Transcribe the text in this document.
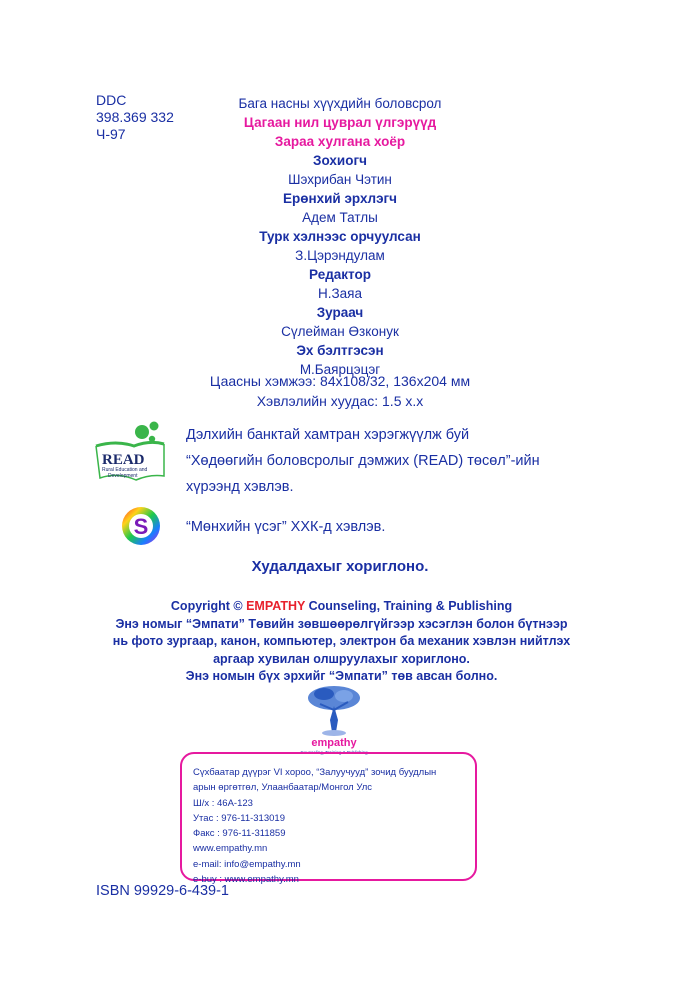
DDC
398.369 332
Ч-97
Бага насны хүүхдийн боловсрол
Цагаан нил цуврал үлгэрүүд
Зараа хулгана хоёр
Зохиогч
Шэхрибан Чэтин
Ерөнхий эрхлэгч
Адем Татлы
Турк хэлнээс орчуулсан
З.Цэрэндулам
Редактор
Н.Заяа
Зураач
Сүлейман Өзконук
Эх бэлтгэсэн
М.Баярцэцэг
Цаасны хэмжээ: 84х108/32, 136х204 мм
Хэвлэлийн хуудас: 1.5 х.х
READ
Rural Education and
Development
Дэлхийн банктай хамтран хэрэгжүүлж буй
“Хөдөөгийн боловсролыг дэмжих (READ) төсөл”-ийн
хүрээнд хэвлэв.
S	“Мөнхийн үсэг” ХХК-д хэвлэв.
Худалдахыг хориглоно.
Copyright © EMPATHY Counseling, Training & Publishing
Энэ номыг “Эмпати” Төвийн зөвшөөрөлгүйгээр хэсэглэн болон бүтнээр
нь фото зургаар, канон, компьютер, электрон ба механик хэвлэн нийтлэх
аргаар хувилан олшруулахыг хориглоно.
Энэ номын бүх эрхийг “Эмпати” төв авсан болно.
empathy
Counseling, Training & Publishing
Сүхбаатар дүүрэг VI хороо, “Залуучууд” зочид буудлын
арын өргөтгөл, Улаанбаатар/Монгол Улс
Ш/х : 46А-123
Утас : 976-11-313019
Факс : 976-11-311859
www.empathy.mn
e-mail: info@empathy.mn
e-buy : www.empathy.mn
ISBN 99929-6-439-1
